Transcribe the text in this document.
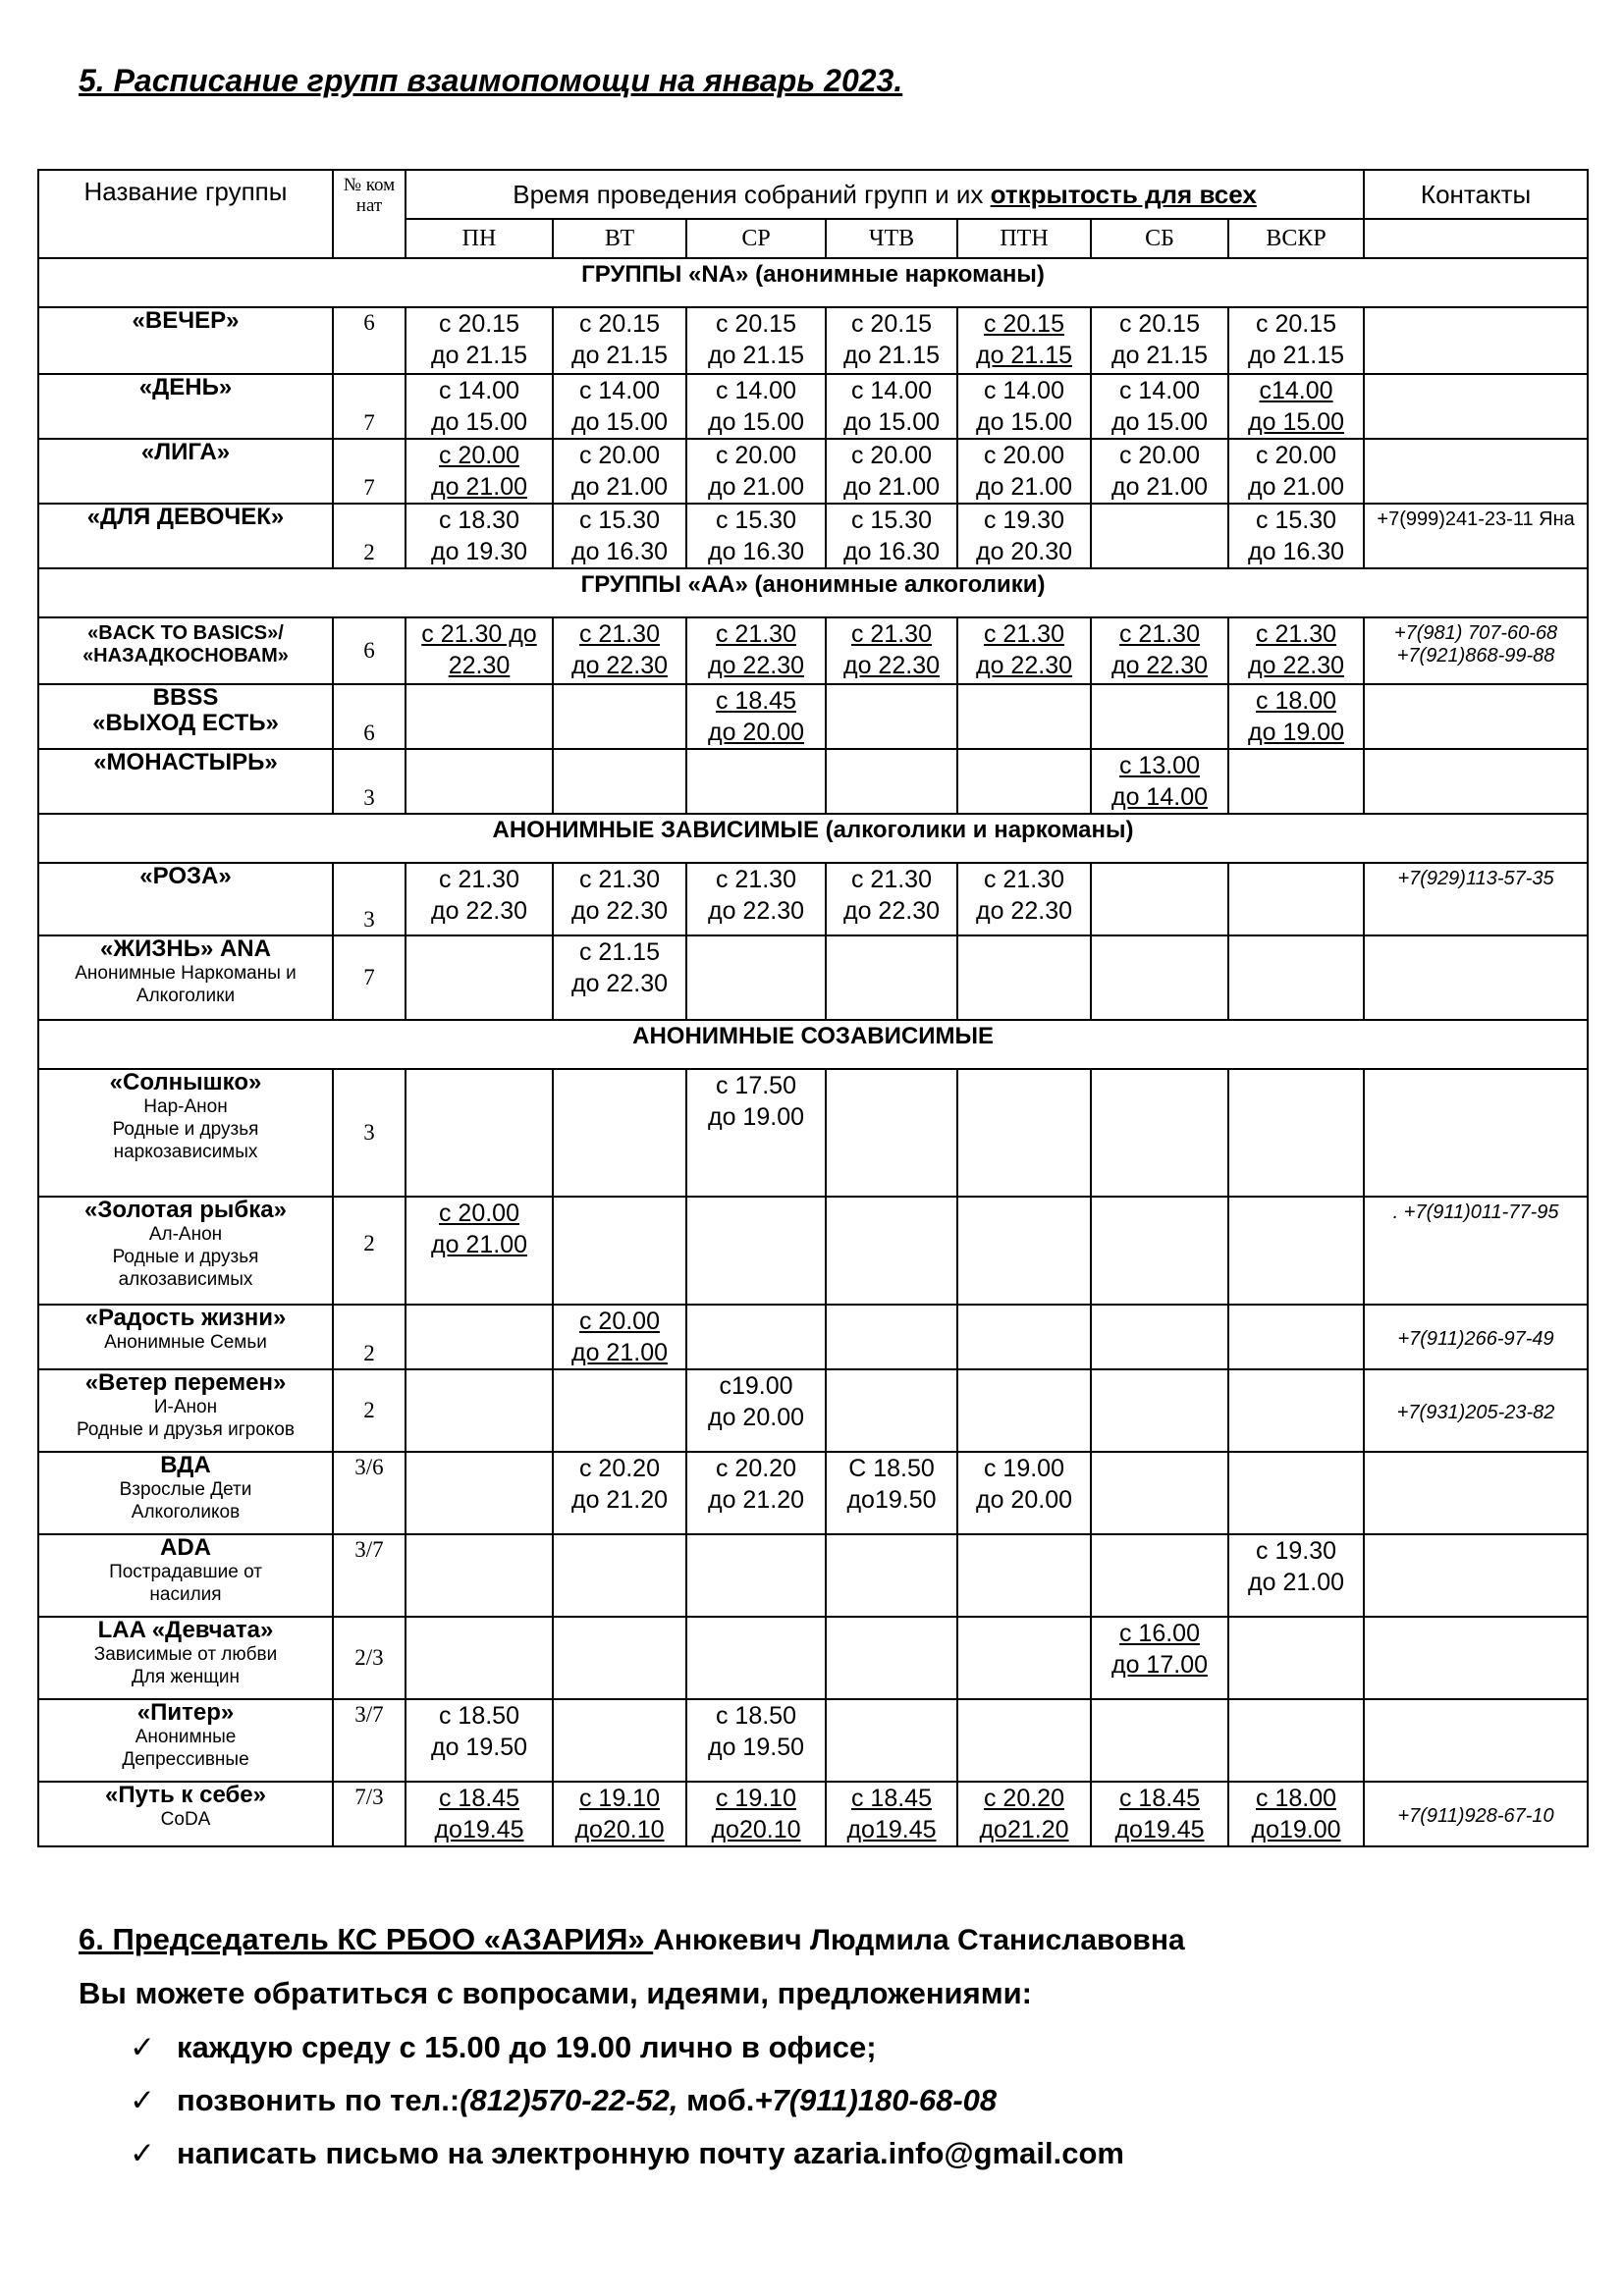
5. Расписание групп взаимопомощи на январь 2023.
Название группы	№ ком нат	Время проведения собраний групп и их открытость для всех							Контакты
		ПН	ВТ	СР	ЧТВ	ПТН	СБ	ВСКР	

ГРУППЫ «NA» (анонимные наркоманы)									

«ВЕЧЕР»	6	с 20.15
до 21.15	с 20.15
до 21.15	с 20.15
до 21.15	с 20.15
до 21.15	с 20.15
до 21.15	с 20.15
до 21.15	с 20.15
до 21.15	

«ДЕНЬ»	7	с 14.00
до 15.00	с 14.00
до 15.00	с 14.00
до 15.00	с 14.00
до 15.00	с 14.00
до 15.00	с 14.00
до 15.00	с14.00
до 15.00	

«ЛИГА»	7	с 20.00
до 21.00	с 20.00
до 21.00	с 20.00
до 21.00	с 20.00
до 21.00	с 20.00
до 21.00	с 20.00
до 21.00	с 20.00
до 21.00	

«ДЛЯ ДЕВОЧЕК»	2	с 18.30
до 19.30	с 15.30
до 16.30	с 15.30
до 16.30	с 15.30
до 16.30	с 19.30
до 20.30		с 15.30
до 16.30	+7(999)241-23-11 Яна

ГРУППЫ «АА» (анонимные алкоголики)									

«BACK TO BASICS»/
«НАЗАДКОСНОВАМ»	6	с 21.30 до
22.30	с 21.30
до 22.30	с 21.30
до 22.30	с 21.30
до 22.30	с 21.30
до 22.30	с 21.30
до 22.30	с 21.30
до 22.30	+7(981) 707-60-68 +7(921)868-99-88

BBSS
«ВЫХОД ЕСТЬ»	6			с 18.45
до 20.00				с 18.00
до 19.00	

«МОНАСТЫРЬ»	3						с 13.00
до 14.00		

АНОНИМНЫЕ ЗАВИСИМЫЕ (алкоголики и наркоманы)									

«РОЗА»	3	с 21.30
до 22.30	с 21.30
до 22.30	с 21.30
до 22.30	с 21.30
до 22.30	с 21.30
до 22.30			+7(929)113-57-35

«ЖИЗНЬ» ANA
Анонимные Наркоманы и
Алкоголики	7		с 21.15
до 22.30						

АНОНИМНЫЕ СОЗАВИСИМЫЕ									

«Солнышко»
Нар-Анон
Родные и друзья
наркозависимых	3			с 17.50
до 19.00					

«Золотая рыбка»
Ал-Анон
Родные и друзья
алкозависимых	2	с 20.00
до 21.00							. +7(911)011-77-95

«Радость жизни»
Анонимные Семьи	2		с 20.00
до 21.00						+7(911)266-97-49

«Ветер перемен»
И-Анон
Родные и друзья игроков	2			с19.00
до 20.00					+7(931)205-23-82

ВДА
Взрослые Дети
Алкоголиков	3/6		с 20.20
до 21.20	с 20.20
до 21.20	С 18.50
до19.50	с 19.00
до 20.00			

ADA
Пострадавшие от
насилия	3/7							с 19.30
до 21.00	

LAA «Девчата»
Зависимые от любви
Для женщин	2/3						с 16.00
до 17.00		

«Питер»
Анонимные
Депрессивные	3/7	с 18.50
до 19.50		с 18.50
до 19.50					

«Путь к себе»
CoDA	7/3	с 18.45
до19.45	с 19.10
до20.10	с 19.10
до20.10	с 18.45
до19.45	с 20.20
до21.20	с 18.45
до19.45	с 18.00
до19.00	+7(911)928-67-10
6. Председатель КС РБОО «АЗАРИЯ» Анюкевич Людмила Станиславовна
Вы можете обратиться с вопросами, идеями, предложениями:
✓ каждую среду с 15.00 до 19.00 лично в офисе;
✓ позвонить по тел.:(812)570-22-52, моб.+7(911)180-68-08
✓ написать письмо на электронную почту azaria.info@gmail.com
